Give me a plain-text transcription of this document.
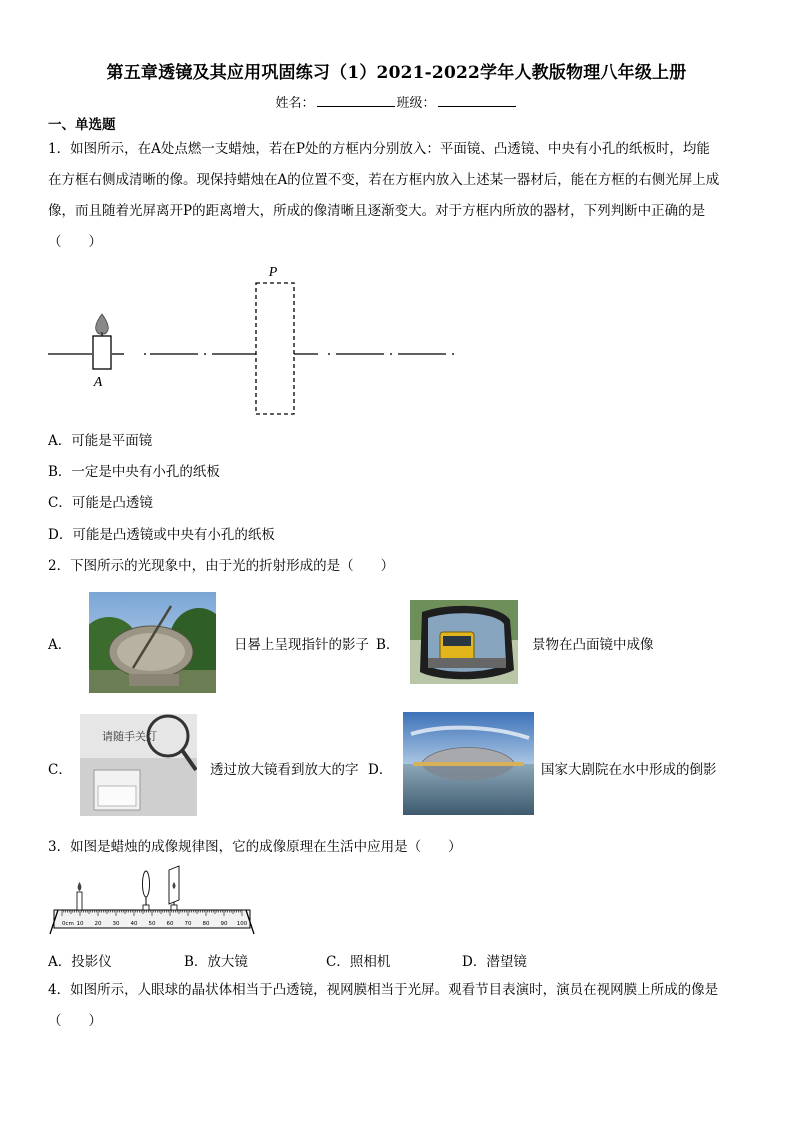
第五章透镜及其应用巩固练习（1）2021-2022学年人教版物理八年级上册
姓名：	班级：
一、单选题
1．如图所示，在A处点燃一支蜡烛，若在P处的方框内分别放入：平面镜、凸透镜、中央有小孔的纸板时，均能
在方框右侧成清晰的像。现保持蜡烛在A的位置不变，若在方框内放入上述某一器材后，能在方框的右侧光屏上成
像，而且随着光屏离开P的距离增大，所成的像清晰且逐渐变大。对于方框内所放的器材，下列判断中正确的是
（　　）
P
A
A．可能是平面镜
B．一定是中央有小孔的纸板
C．可能是凸透镜
D．可能是凸透镜或中央有小孔的纸板
2．下图所示的光现象中，由于光的折射形成的是（　　）
A．	日晷上呈现指针的影子 B．	景物在凸面镜中成像
C．
请随手关灯
透过放大镜看到放大的字 D．	国家大剧院在水中形成的倒影
3．如图是蜡烛的成像规律图，它的成像原理在生活中应用是（　　）
0cm 10 20 30 40 50 60 70 80 90 100
A．投影仪	B．放大镜	C．照相机	D．潜望镜
4．如图所示，人眼球的晶状体相当于凸透镜，视网膜相当于光屏。观看节目表演时，演员在视网膜上所成的像是
（　　）
